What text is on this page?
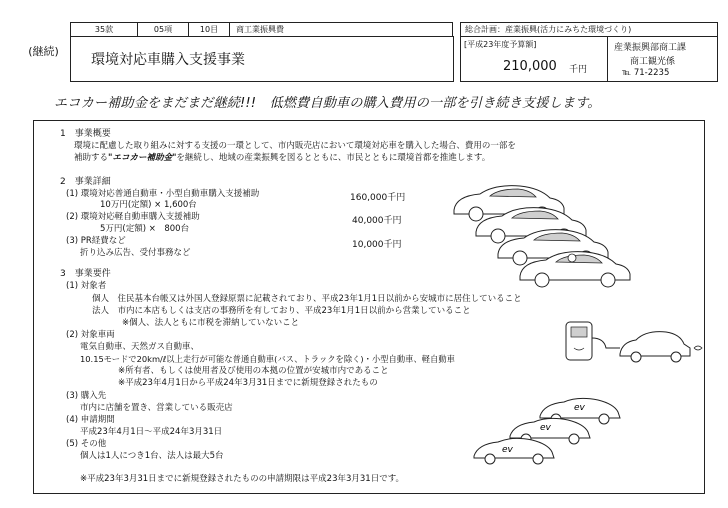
35款	05項	10目 商工業振興費
(継続)
環境対応車購入支援事業
総合計画：産業振興(活力にみちた環境づくり)
[平成23年度予算額]
210,000 千円
産業振興部商工課
商工観光係
℡ 71-2235
エコカー補助金をまだまだ継続!!!　低燃費自動車の購入費用の一部を引き続き支援します。
1　事業概要
環境に配慮した取り組みに対する支援の一環として、市内販売店において環境対応車を購入した場合、費用の一部を
補助する"エコカー補助金"を継続し、地域の産業振興を図るとともに、市民とともに環境首都を推進します。
2　事業詳細
(1) 環境対応普通自動車・小型自動車購入支援補助	160,000千円
10万円(定額) × 1,600台
(2) 環境対応軽自動車購入支援補助	40,000千円
5万円(定額) ×　800台
(3) PR経費など	10,000千円
折り込み広告、受付事務など
3　事業要件
(1) 対象者
個人　住民基本台帳又は外国人登録原票に記載されており、平成23年1月1日以前から安城市に居住していること
法人　市内に本店もしくは支店の事務所を有しており、平成23年1月1日以前から営業していること
※個人、法人ともに市税を滞納していないこと
(2) 対象車両
電気自動車、天然ガス自動車、
10.15モードで20km/ℓ以上走行が可能な普通自動車(バス、トラックを除く)・小型自動車、軽自動車
※所有者、もしくは使用者及び使用の本拠の位置が安城市内であること
※平成23年4月1日から平成24年3月31日までに新規登録されたもの
(3) 購入先
市内に店舗を置き、営業している販売店
(4) 申請期間
平成23年4月1日～平成24年3月31日
(5) その他
個人は1人につき1台、法人は最大5台
※平成23年3月31日までに新規登録されたものの申請期限は平成23年3月31日です。
ev
ev
ev
